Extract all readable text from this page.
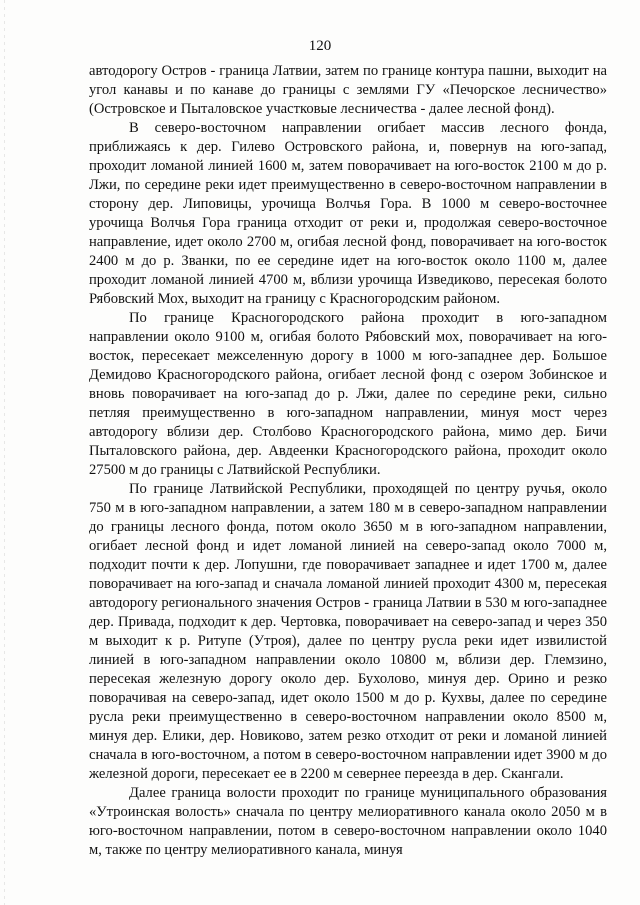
120

автодорогу Остров - граница Латвии, затем по границе контура пашни, выходит на угол канавы и по канаве до границы с землями ГУ «Печорское лесничество» (Островское и Пыталовское участковые лесничества - далее лесной фонд).

В северо-восточном направлении огибает массив лесного фонда, приближаясь к дер. Гилево Островского района, и, повернув на юго-запад, проходит ломаной линией 1600 м, затем поворачивает на юго-восток 2100 м до р. Лжи, по середине реки идет преимущественно в северо-восточном направлении в сторону дер. Липовицы, урочища Волчья Гора. В 1000 м северо-восточнее урочища Волчья Гора граница отходит от реки и, продолжая северо-восточное направление, идет около 2700 м, огибая лесной фонд, поворачивает на юго-восток 2400 м до р. Званки, по ее середине идет на юго-восток около 1100 м, далее проходит ломаной линией 4700 м, вблизи урочища Изведиково, пересекая болото Рябовский Мох, выходит на границу с Красногородским районом.

По границе Красногородского района проходит в юго-западном направлении около 9100 м, огибая болото Рябовский мох, поворачивает на юго-восток, пересекает межселенную дорогу в 1000 м юго-западнее дер. Большое Демидово Красногородского района, огибает лесной фонд с озером Зобинское и вновь поворачивает на юго-запад до р. Лжи, далее по середине реки, сильно петляя преимущественно в юго-западном направлении, минуя мост через автодорогу вблизи дер. Столбово Красногородского района, мимо дер. Бичи Пыталовского района, дер. Авдеенки Красногородского района, проходит около 27500 м до границы с Латвийской Республики.

По границе Латвийской Республики, проходящей по центру ручья, около 750 м в юго-западном направлении, а затем 180 м в северо-западном направлении до границы лесного фонда, потом около 3650 м в юго-западном направлении, огибает лесной фонд и идет ломаной линией на северо-запад около 7000 м, подходит почти к дер. Лопушни, где поворачивает западнее и идет 1700 м, далее поворачивает на юго-запад и сначала ломаной линией проходит 4300 м, пересекая автодорогу регионального значения Остров - граница Латвии в 530 м юго-западнее дер. Привада, подходит к дер. Чертовка, поворачивает на северо-запад и через 350 м выходит к р. Ритупе (Утроя), далее по центру русла реки идет извилистой линией в юго-западном направлении около 10800 м, вблизи дер. Глемзино, пересекая железную дорогу около дер. Бухолово, минуя дер. Орино и резко поворачивая на северо-запад, идет около 1500 м до р. Кухвы, далее по середине русла реки преимущественно в северо-восточном направлении около 8500 м, минуя дер. Елики, дер. Новиково, затем резко отходит от реки и ломаной линией сначала в юго-восточном, а потом в северо-восточном направлении идет 3900 м до железной дороги, пересекает ее в 2200 м севернее переезда в дер. Скангали.

Далее граница волости проходит по границе муниципального образования «Утроинская волость» сначала по центру мелиоративного канала около 2050 м в юго-восточном направлении, потом в северо-восточном направлении около 1040 м, также по центру мелиоративного канала, минуя
